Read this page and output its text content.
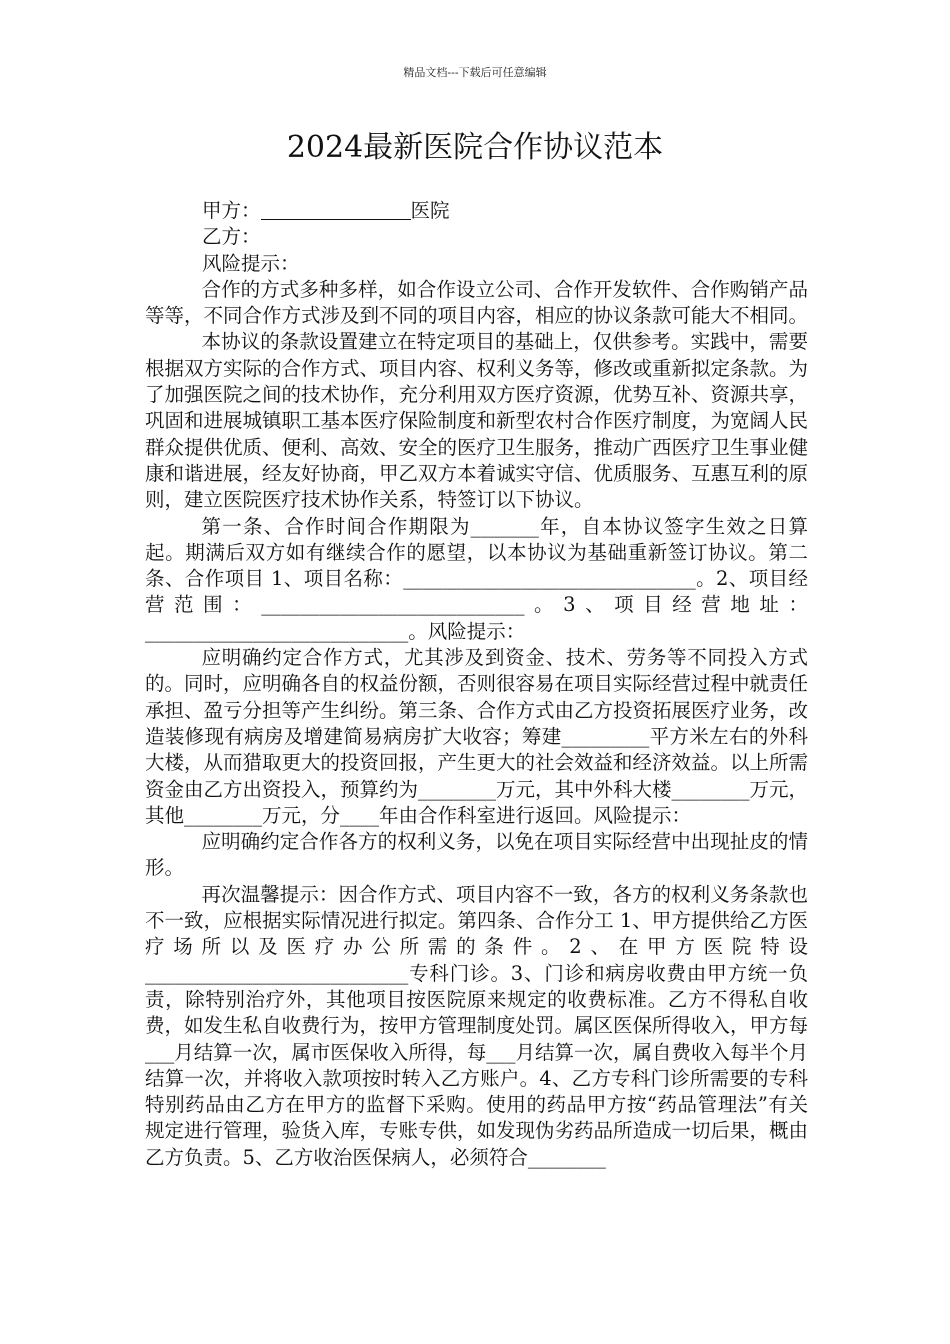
精品文档---下载后可任意编辑
2024最新医院合作协议范本

甲方：	医院

乙方：

风险提示：

合作的方式多种多样，如合作设立公司、合作开发软件、合作购销产品等等，不同合作方式涉及到不同的项目内容，相应的协议条款可能大不相同。

本协议的条款设置建立在特定项目的基础上，仅供参考。实践中，需要根据双方实际的合作方式、项目内容、权利义务等，修改或重新拟定条款。为了加强医院之间的技术协作，充分利用双方医疗资源，优势互补、资源共享，巩固和进展城镇职工基本医疗保险制度和新型农村合作医疗制度，为宽阔人民群众提供优质、便利、高效、安全的医疗卫生服务，推动广西医疗卫生事业健康和谐进展，经友好协商，甲乙双方本着诚实守信、优质服务、互惠互利的原则，建立医院医疗技术协作关系，特签订以下协议。

第一条、合作时间合作期限为_______年，自本协议签字生效之日算起。期满后双方如有继续合作的愿望，以本协议为基础重新签订协议。第二条、合作项目 1、项目名称：______________________________。2、项目经营范围：___________________________。3、项目经营地址：___________________________。风险提示：

应明确约定合作方式，尤其涉及到资金、技术、劳务等不同投入方式的。同时，应明确各自的权益份额，否则很容易在项目实际经营过程中就责任承担、盈亏分担等产生纠纷。第三条、合作方式由乙方投资拓展医疗业务，改造装修现有病房及增建简易病房扩大收容；筹建_________平方米左右的外科大楼，从而猎取更大的投资回报，产生更大的社会效益和经济效益。以上所需资金由乙方出资投入，预算约为________万元，其中外科大楼________万元，其他________万元，分____年由合作科室进行返回。风险提示：

应明确约定合作各方的权利义务，以免在项目实际经营中出现扯皮的情形。

再次温馨提示：因合作方式、项目内容不一致，各方的权利义务条款也不一致，应根据实际情况进行拟定。第四条、合作分工 1、甲方提供给乙方医疗场所以及医疗办公所需的条件。2、在甲方医院特设___________________________专科门诊。3、门诊和病房收费由甲方统一负责，除特别治疗外，其他项目按医院原来规定的收费标准。乙方不得私自收费，如发生私自收费行为，按甲方管理制度处罚。属区医保所得收入，甲方每___月结算一次，属市医保收入所得，每___月结算一次，属自费收入每半个月结算一次，并将收入款项按时转入乙方账户。4、乙方专科门诊所需要的专科特别药品由乙方在甲方的监督下采购。使用的药品甲方按“药品管理法”有关规定进行管理，验货入库，专账专供，如发现伪劣药品所造成一切后果，概由乙方负责。5、乙方收治医保病人，必须符合________
